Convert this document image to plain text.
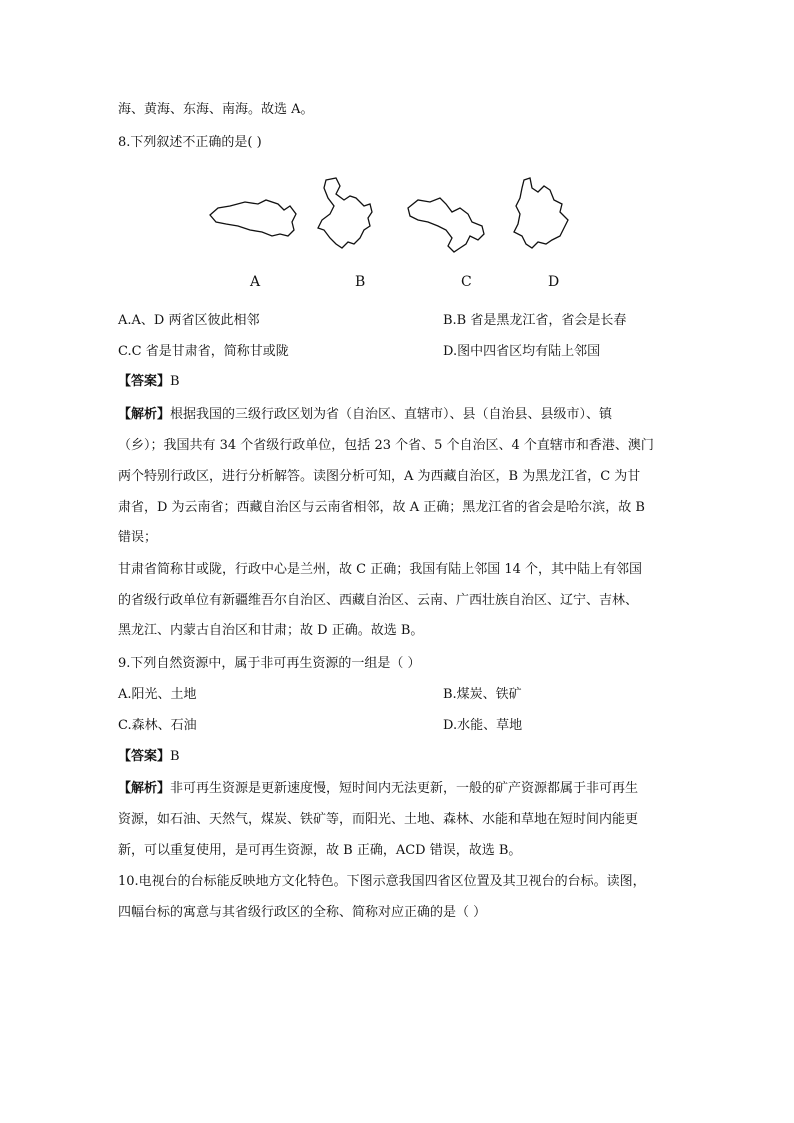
海、黄海、东海、南海。故选 A。
8.下列叙述不正确的是( )
A	B	C	D
A.A、D 两省区彼此相邻	B.B 省是黑龙江省，省会是长春
C.C 省是甘肃省，简称甘或陇	D.图中四省区均有陆上邻国
【答案】B
【解析】根据我国的三级行政区划为省（自治区、直辖市）、县（自治县、县级市）、镇
（乡）；我国共有 34 个省级行政单位，包括 23 个省、5 个自治区、4 个直辖市和香港、澳门
两个特别行政区，进行分析解答。读图分析可知，A 为西藏自治区，B 为黑龙江省，C 为甘
肃省，D 为云南省；西藏自治区与云南省相邻，故 A 正确；黑龙江省的省会是哈尔滨，故 B
错误；
甘肃省简称甘或陇，行政中心是兰州，故 C 正确；我国有陆上邻国 14 个，其中陆上有邻国
的省级行政单位有新疆维吾尔自治区、西藏自治区、云南、广西壮族自治区、辽宁、吉林、
黑龙江、内蒙古自治区和甘肃；故 D 正确。故选 B。
9.下列自然资源中，属于非可再生资源的一组是（ ）
A.阳光、土地	B.煤炭、铁矿
C.森林、石油	D.水能、草地
【答案】B
【解析】非可再生资源是更新速度慢，短时间内无法更新，一般的矿产资源都属于非可再生
资源，如石油、天然气，煤炭、铁矿等，而阳光、土地、森林、水能和草地在短时间内能更
新，可以重复使用，是可再生资源，故 B 正确，ACD 错误，故选 B。
10.电视台的台标能反映地方文化特色。下图示意我国四省区位置及其卫视台的台标。读图，
四幅台标的寓意与其省级行政区的全称、简称对应正确的是（ ）
